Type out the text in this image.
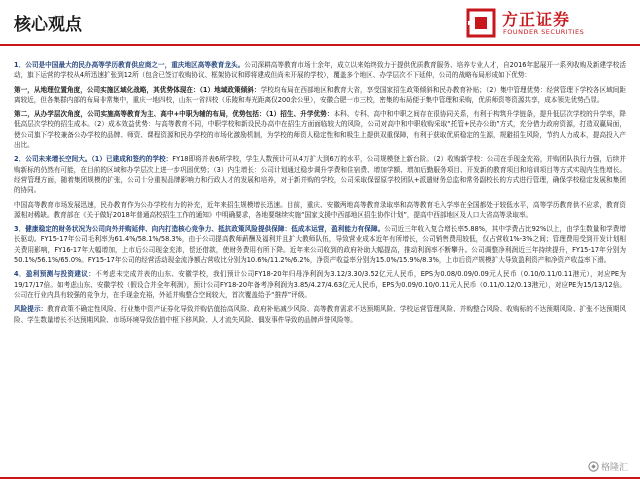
核心观点	方正证券
FOUNDER SECURITIES

1．公司是中国最大的民办高等学历教育供应商之一，重庆地区高等教育龙头。公司深耕高等教育市场十余年，成立以来始终致力于提供优质教育服务、培养专业人才，自2016年起展开一系列收购及新建学校活动，旗下运营的学校从4所迅速扩张到12所（包含已签订收购协议、框架协议和即将建成但尚未开展的学校），覆盖多个地区、办学层次不下延伸，公司的战略布局形成如下优势：

第一，从地理位置角度，公司实施区域化战略，其优势体现在：（1）地域政策倾斜：学校均布局在西部地区和教育大省，享受国家招生政策倾斜和民办教育补贴；（2）集中管理优势：经营管理下学校各区域间距离较近，但各集群内部的布局非常集中，重庆一地四校，山东一省四校（乐陵和寿光距离仅200余公里），安徽合肥一市三校，密集的布局便于集中管理和采购，优质师资等资源共享，成本领先优势凸显。

第二，从办学层次角度，公司实施高等教育为主、高中+中职为辅的布局，优势包括：（1）招生、升学优势：本科、专科、高中和中职之间存在很协同关系，有利于构筑升学链条，提升低层次学校的升学率，降低高层次学校的招生成本。（2）成本效益优势：与高等教育不同，中职学校和新设民办高中在招生方面面临较大的风险，公司对高中和中职收购采取“托管+民办公助”方式，充分借力政府资源，打造双赢局面，使公司旗下学校兼备公办学校的品牌、师资、课程资源和民办学校的市场化激励机制，为学校的师资人稳定性和和吸生上提供双重保障，有利于获取优质稳定的生源，规避招生风险，节约人力成本，提高投入产出比。

2．公司未来增长空间大。（1）已建成和签约的学校：FY18即将并表6所学校，学生人数预计可从4万扩大到6万的水平，公司规模登上新台阶。（2）收购新学校：公司在手现金充裕，并购团队执行力强，后续并购新标的仍然有可能，在目前的区域和办学层次上进一步巩固优势；（3）内生增长：公司计划通过稳步调升学费和住宿费、增加学额、增加后勤服务项目、开发新的教育项目和培训项目等方式实现内生性增长。经营管理方面，随着集团规模的扩张，公司十分重视品牌影响力和行政人才的发展和培养，对于新并购的学校，公司采取保留原学校团队+派遣财务总监和常务副校长的方式进行管理，确保学校稳定发展和集团的协同。

中国高等教育市场发展迅速，民办教育作为公办学校有力的补充，近年来招生规模增长迅速。目前，重庆、安徽两地高等教育录取率和高等教育毛入学率在全国都处于较低水平，高等学历教育供不应求，教育资源相对稀缺。教育部在《关于做好2018年普通高校招生工作的通知》中明确要求，各地要继续实施“国家支援中西部地区招生协作计划”，提高中西部地区及人口大省高等录取率。

3．健康稳定的财务状况为公司向外并购延伸、向内打造核心竞争力、抵抗政策风险提供保障：低成本运营，盈利能力有保障。公司近三年收入复合增长率5.88%，其中学费占比92%以上，由学生数量和学费增长驱动。FY15-17年公司毛利率为61.4%/58.1%/58.3%，由于公司提高教师薪酬及福利并且扩大教师队伍，导致营业成本近年有所增长，公司销售费用较低，仅占营收1%-3%之间；管理费用受到开发计划相关费用影响，FY16-17年大幅增加，上市后公司现金充沛，偿还借款，使财务费用有所下降。近年来公司收到的政府补助大幅提高，推动利润率不断攀升。公司调整净利润近三年持续提升，FY15-17年分别为50.1%/56.1%/65.0%。FY15-17年公司的经营活动现金流净额占营收比分别为10.6%/11.2%/6.2%，净资产收益率分别为15.0%/15.9%/8.3%，上市后资产规模扩大导致盈利资产和净资产收益率下滑。

4．盈利预测与投资建议：不考虑未完成并表的山东、安徽学校，我们预计公司FY18-20年归母净利润为3.12/3.30/3.52亿元人民币，EPS为0.08/0.09/0.09元人民币（0.10/0.11/0.11港元），对应PE为19/17/17倍。如考虑山东、安徽学校（假设合并全年利润），预计公司FY18-20年备考净利润为3.85/4.27/4.63亿元人民币，EPS为0.09/0.10/0.11元人民币（0.11/0.12/0.13港元），对应PE为15/13/12倍。公司在行业内具有较强的竞争力，在手现金充裕，外延并购整合空间较大，首次覆盖给予“推荐”评级。

风险提示：教育政策不确定性风险、行业集中资产证券化导致并购估值抬高风险、政府补贴减少风险、高等教育需求不达预期风险、学校运营管理风险、并购整合风险、收购标的不达预期风险、扩张不达预期风险、学生数量增长不达预期风险、市场环境导致估值中枢下移风险、人才流失风险、偶发事件导致的品牌声誉风险等。

格隆汇
